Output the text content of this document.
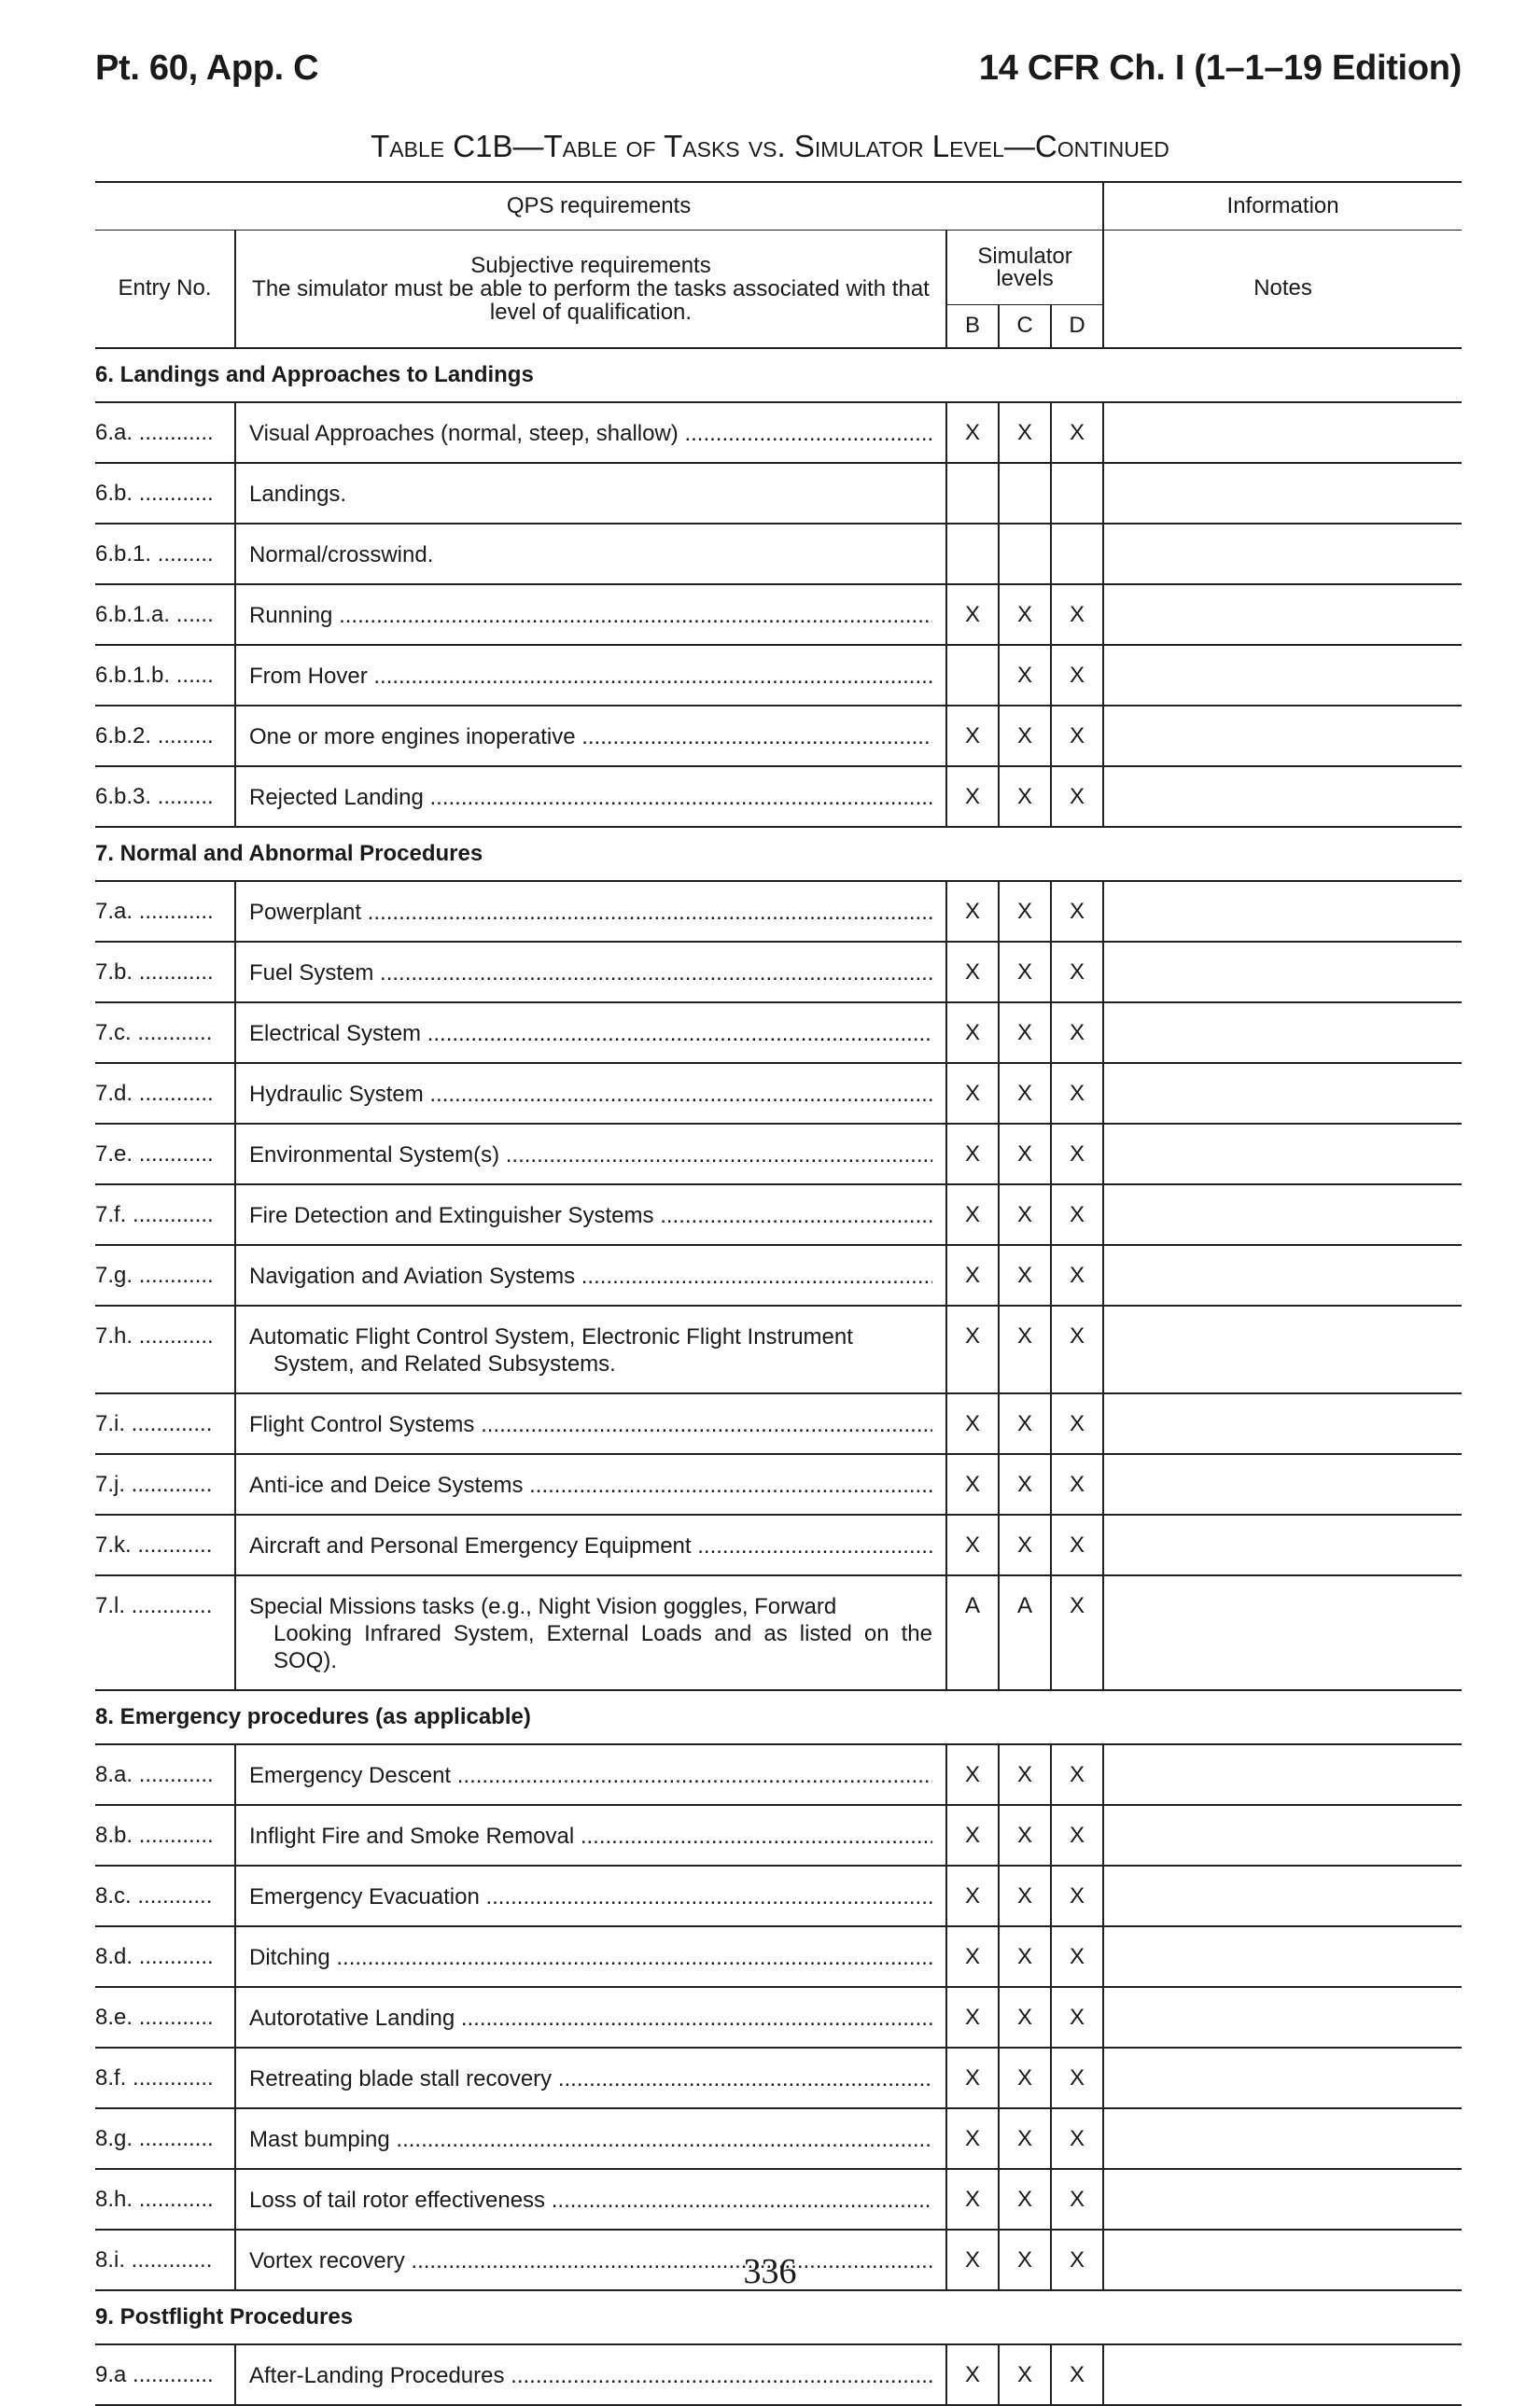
Pt. 60, App. C	14 CFR Ch. I (1–1–19 Edition)
Table C1B—Table of Tasks vs. Simulator Level—Continued
QPS requirements					Information
Entry No.	Subjective requirements
The simulator must be able to perform the tasks associated with that level of qualification.	Simulator levels			Notes
		B	C	D	
6. Landings and Approaches to Landings					
6.a. ............	Visual Approaches (normal, steep, shallow) .....	X	X	X	
6.b. ............	Landings.				
6.b.1. .........	Normal/crosswind.				
6.b.1.a. ......	Running .....	X	X	X	
6.b.1.b. ......	From Hover .....		X	X	
6.b.2. .........	One or more engines inoperative .....	X	X	X	
6.b.3. .........	Rejected Landing .....	X	X	X	
7. Normal and Abnormal Procedures					
7.a. ............	Powerplant .....	X	X	X	
7.b. ............	Fuel System .....	X	X	X	
7.c. ............	Electrical System .....	X	X	X	
7.d. ............	Hydraulic System .....	X	X	X	
7.e. ............	Environmental System(s) .....	X	X	X	
7.f. .............	Fire Detection and Extinguisher Systems .....	X	X	X	
7.g. ............	Navigation and Aviation Systems .....	X	X	X	
7.h. ............	Automatic Flight Control System, Electronic Flight Instrument
System, and Related Subsystems.	X	X	X	
7.i. .............	Flight Control Systems .....	X	X	X	
7.j. .............	Anti-ice and Deice Systems .....	X	X	X	
7.k. ............	Aircraft and Personal Emergency Equipment .....	X	X	X	
7.l. .............	Special Missions tasks (e.g., Night Vision goggles, Forward
Looking Infrared System, External Loads and as listed on the SOQ).	A	A	X	
8. Emergency procedures (as applicable)					
8.a. ............	Emergency Descent .....	X	X	X	
8.b. ............	Inflight Fire and Smoke Removal .....	X	X	X	
8.c. ............	Emergency Evacuation .....	X	X	X	
8.d. ............	Ditching .....	X	X	X	
8.e. ............	Autorotative Landing .....	X	X	X	
8.f. .............	Retreating blade stall recovery .....	X	X	X	
8.g. ............	Mast bumping .....	X	X	X	
8.h. ............	Loss of tail rotor effectiveness .....	X	X	X	
8.i. .............	Vortex recovery .....	X	X	X	
9. Postflight Procedures					
9.a .............	After-Landing Procedures .....	X	X	X	
336
